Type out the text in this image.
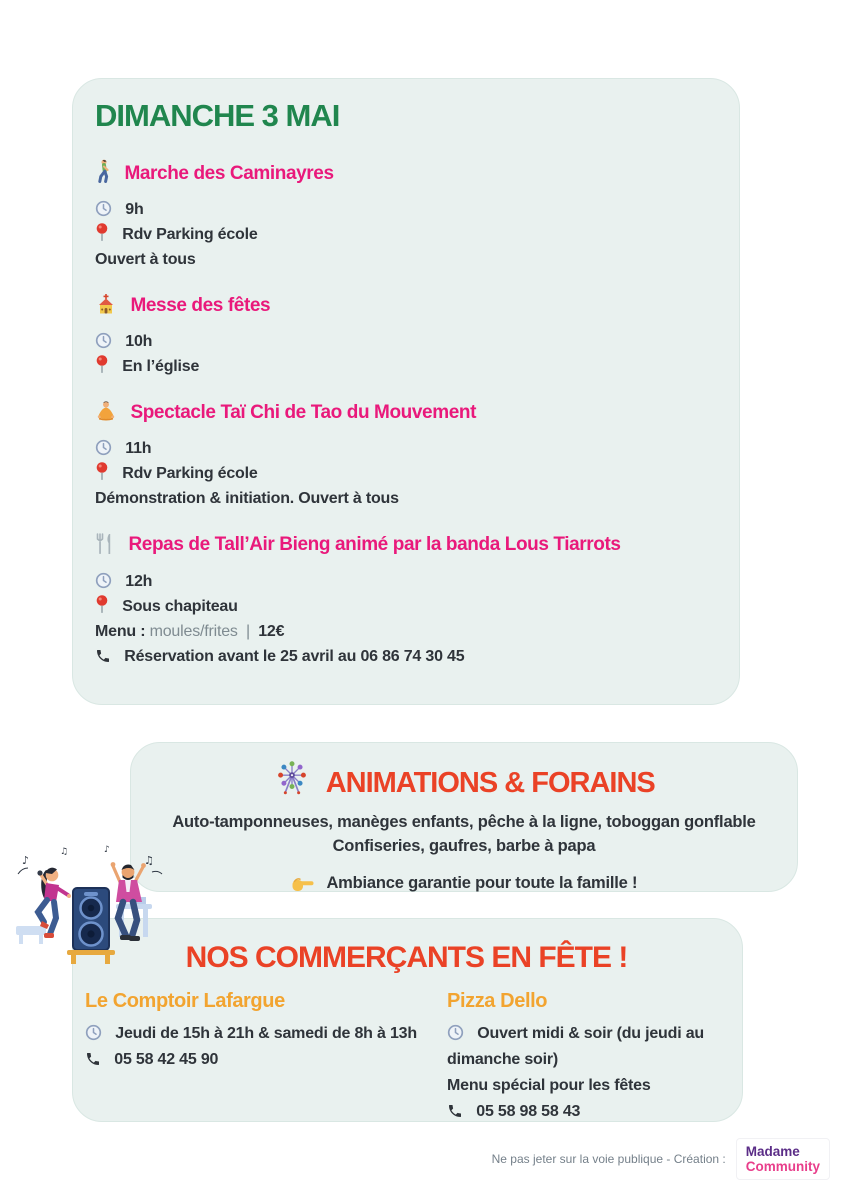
DIMANCHE 3 MAI

Marche des Caminayres

9h

Rdv Parking école

Ouvert à tous

Messe des fêtes

10h

En l’église

Spectacle Taï Chi de Tao du Mouvement

11h

Rdv Parking école

Démonstration & initiation. Ouvert à tous

Repas de Tall’Air Bieng animé par la banda Lous Tiarrots

12h

Sous chapiteau

Menu : moules/frites | 12€

Réservation avant le 25 avril au 06 86 74 30 45

ANIMATIONS & FORAINS

Auto-tamponneuses, manèges enfants, pêche à la ligne, toboggan gonflable

Confiseries, gaufres, barbe à papa

Ambiance garantie pour toute la famille !

NOS COMMERÇANTS EN FÊTE !
Le Comptoir Lafargue

Jeudi de 15h à 21h & samedi de 8h à 13h

05 58 42 45 90

Pizza Dello

Ouvert midi & soir (du jeudi au dimanche soir)

Menu spécial pour les fêtes

05 58 98 58 43

♪
♫	♪
♫
Ne pas jeter sur la voie publique - Création : Madame
Community
